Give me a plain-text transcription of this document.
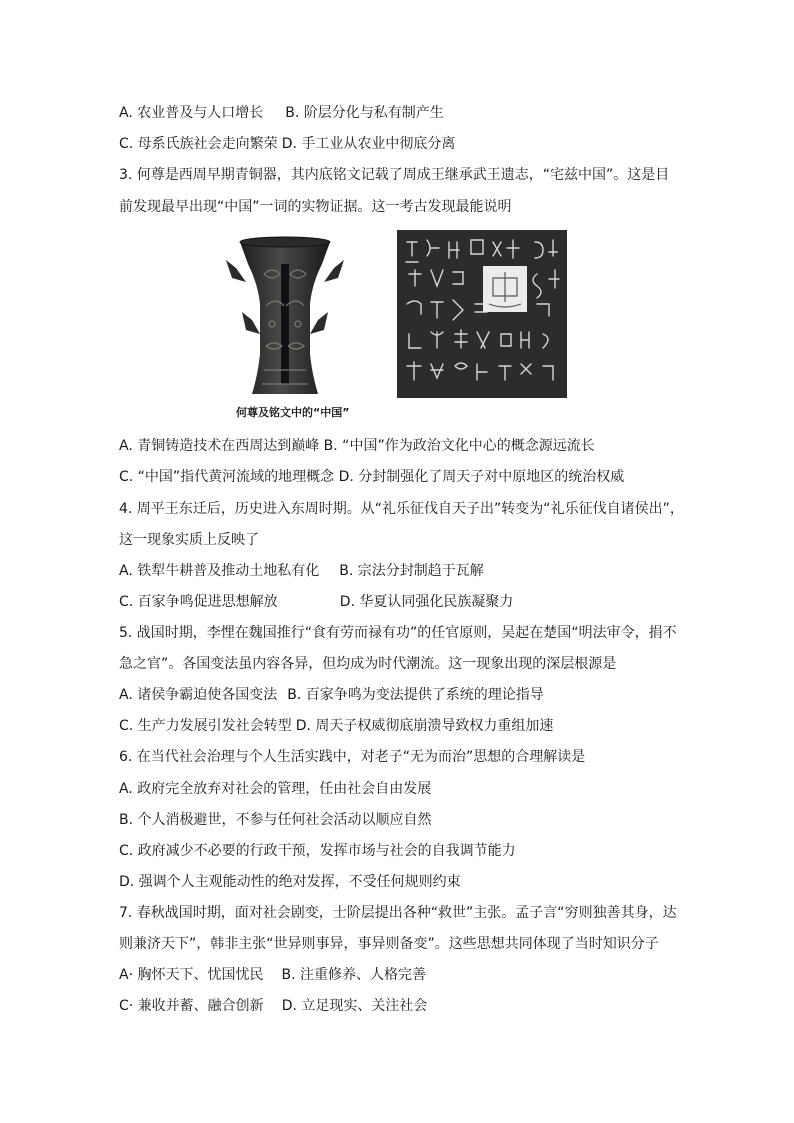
A. 农业普及与人口增长 B. 阶层分化与私有制产生
C. 母系氏族社会走向繁荣 D. 手工业从农业中彻底分离
3. 何尊是西周早期青铜器，其内底铭文记载了周成王继承武王遗志，“宅兹中国”。这是目
前发现最早出现“中国”一词的实物证据。这一考古发现最能说明
何尊及铭文中的“中国”
A. 青铜铸造技术在西周达到巅峰 B. “中国”作为政治文化中心的概念源远流长
C. “中国”指代黄河流域的地理概念 D. 分封制强化了周天子对中原地区的统治权威
4. 周平王东迁后，历史进入东周时期。从“礼乐征伐自天子出”转变为“礼乐征伐自诸侯出”，
这一现象实质上反映了
A. 铁犁牛耕普及推动土地私有化 B. 宗法分封制趋于瓦解
C. 百家争鸣促进思想解放	D. 华夏认同强化民族凝聚力
5. 战国时期，李悝在魏国推行“食有劳而禄有功”的任官原则，吴起在楚国“明法审令，捐不
急之官”。各国变法虽内容各异，但均成为时代潮流。这一现象出现的深层根源是
A. 诸侯争霸迫使各国变法 B. 百家争鸣为变法提供了系统的理论指导
C. 生产力发展引发社会转型 D. 周天子权威彻底崩溃导致权力重组加速
6. 在当代社会治理与个人生活实践中，对老子“无为而治”思想的合理解读是
A. 政府完全放弃对社会的管理，任由社会自由发展
B. 个人消极避世，不参与任何社会活动以顺应自然
C. 政府减少不必要的行政干预，发挥市场与社会的自我调节能力
D. 强调个人主观能动性的绝对发挥，不受任何规则约束
7. 春秋战国时期，面对社会剧变，士阶层提出各种“救世”主张。孟子言“穷则独善其身，达
则兼济天下”，韩非主张“世异则事异，事异则备变”。这些思想共同体现了当时知识分子
A· 胸怀天下、忧国忧民 B. 注重修养、人格完善
C· 兼收并蓄、融合创新 D. 立足现实、关注社会
